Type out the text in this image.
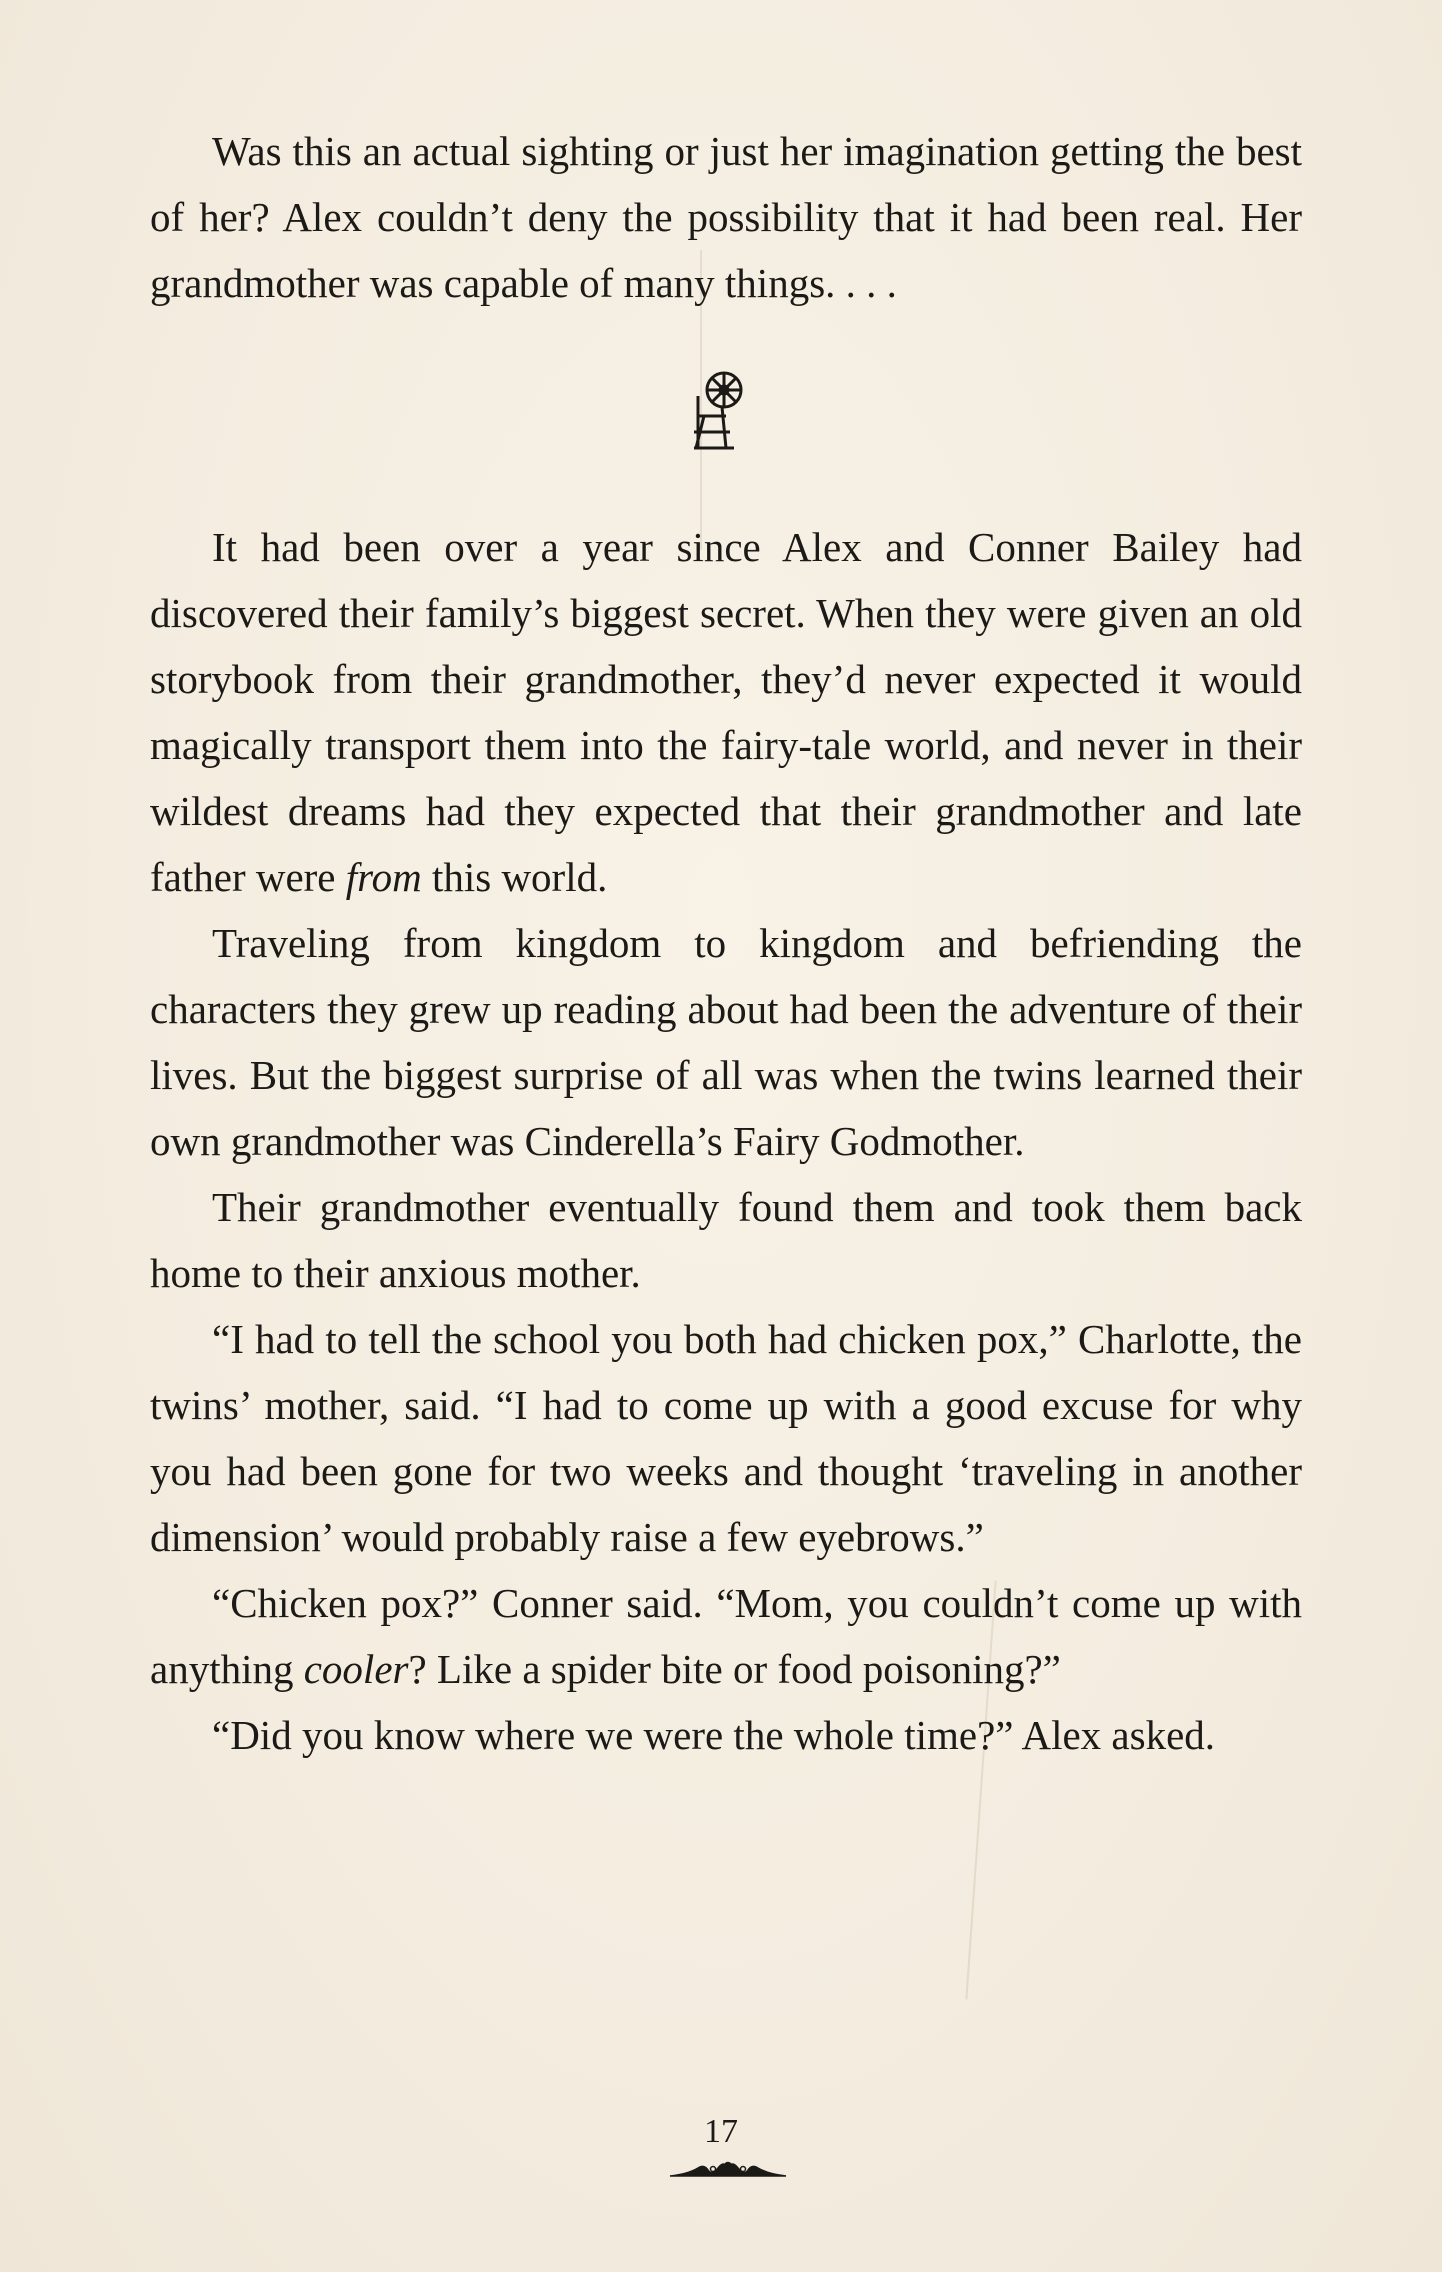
Was this an actual sighting or just her imagination getting the best of her? Alex couldn’t deny the possibility that it had been real. Her grandmother was capable of many things. . . .

It had been over a year since Alex and Conner Bailey had discovered their family’s biggest secret. When they were given an old storybook from their grandmother, they’d never expected it would magically transport them into the fairy-tale world, and never in their wildest dreams had they expected that their grandmother and late father were from this world.

Traveling from kingdom to kingdom and befriending the characters they grew up reading about had been the adventure of their lives. But the biggest surprise of all was when the twins learned their own grandmother was Cinderella’s Fairy Godmother.

Their grandmother eventually found them and took them back home to their anxious mother.

“I had to tell the school you both had chicken pox,” Charlotte, the twins’ mother, said. “I had to come up with a good excuse for why you had been gone for two weeks and thought ‘traveling in another dimension’ would probably raise a few eyebrows.”

“Chicken pox?” Conner said. “Mom, you couldn’t come up with anything cooler? Like a spider bite or food poisoning?”

“Did you know where we were the whole time?” Alex asked.

17
